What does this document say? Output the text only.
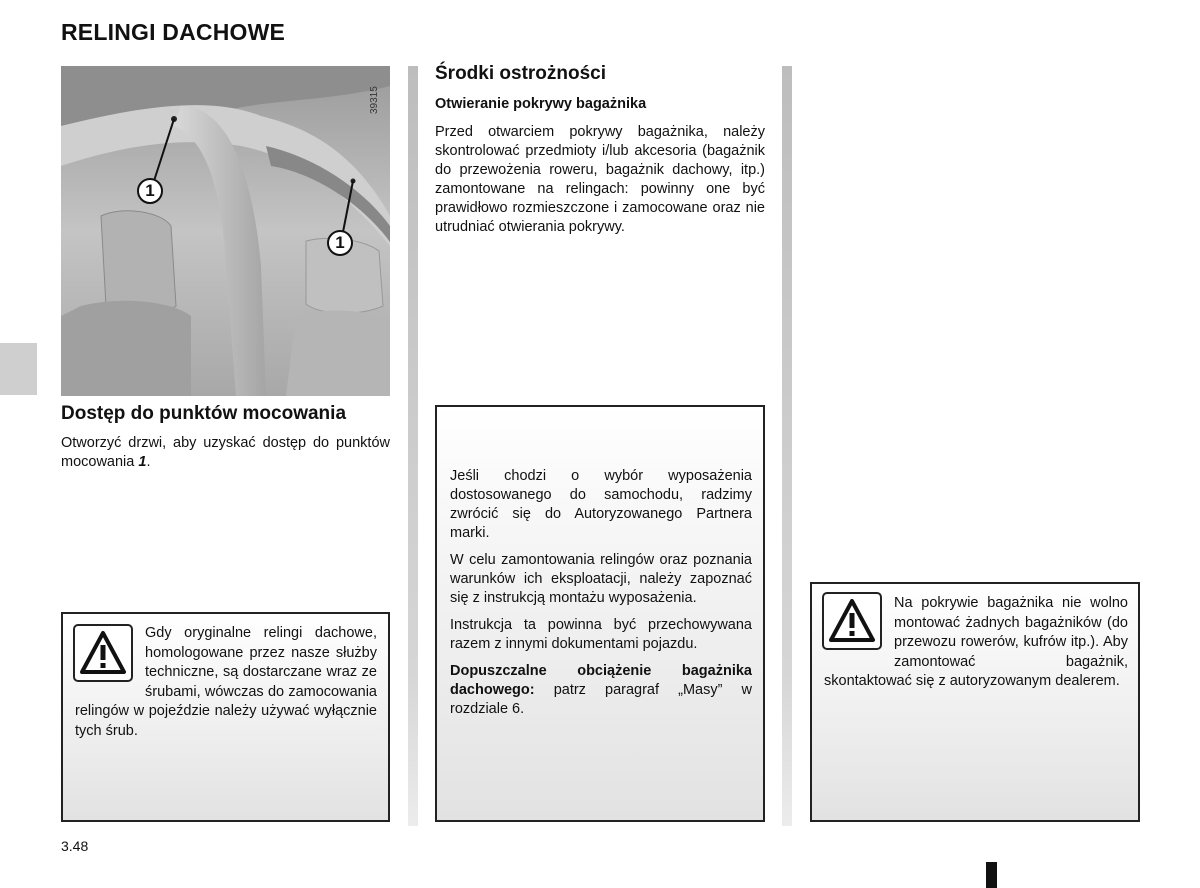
RELINGI DACHOWE
1
1
39315
Dostęp do punktów mocowania
Otworzyć drzwi, aby uzyskać dostęp do punktów mocowania 1.
Gdy oryginalne relingi dachowe, homologowane przez nasze służby techniczne, są dostarczane wraz ze śrubami, wówczas do zamocowania relingów w pojeździe należy używać wyłącznie tych śrub.
Środki ostrożności
Otwieranie pokrywy bagażnika
Przed otwarciem pokrywy bagażnika, należy skontrolować przedmioty i/lub akcesoria (bagażnik do przewożenia roweru, bagażnik dachowy, itp.) zamontowane na relingach: powinny one być prawidłowo rozmieszczone i zamocowane oraz nie utrudniać otwierania pokrywy.

Jeśli chodzi o wybór wyposażenia dostosowanego do samochodu, radzimy zwrócić się do Autoryzowanego Partnera marki.

W celu zamontowania relingów oraz poznania warunków ich eksploatacji, należy zapoznać się z instrukcją montażu wyposażenia.

Instrukcja ta powinna być przechowywana razem z innymi dokumentami pojazdu.

Dopuszczalne obciążenie bagażnika dachowego: patrz paragraf „Masy” w rozdziale 6.

Na pokrywie bagażnika nie wolno montować żadnych bagażników (do przewozu rowerów, kufrów itp.). Aby zamontować bagażnik, skontaktować się z autoryzowanym dealerem.
3.48
